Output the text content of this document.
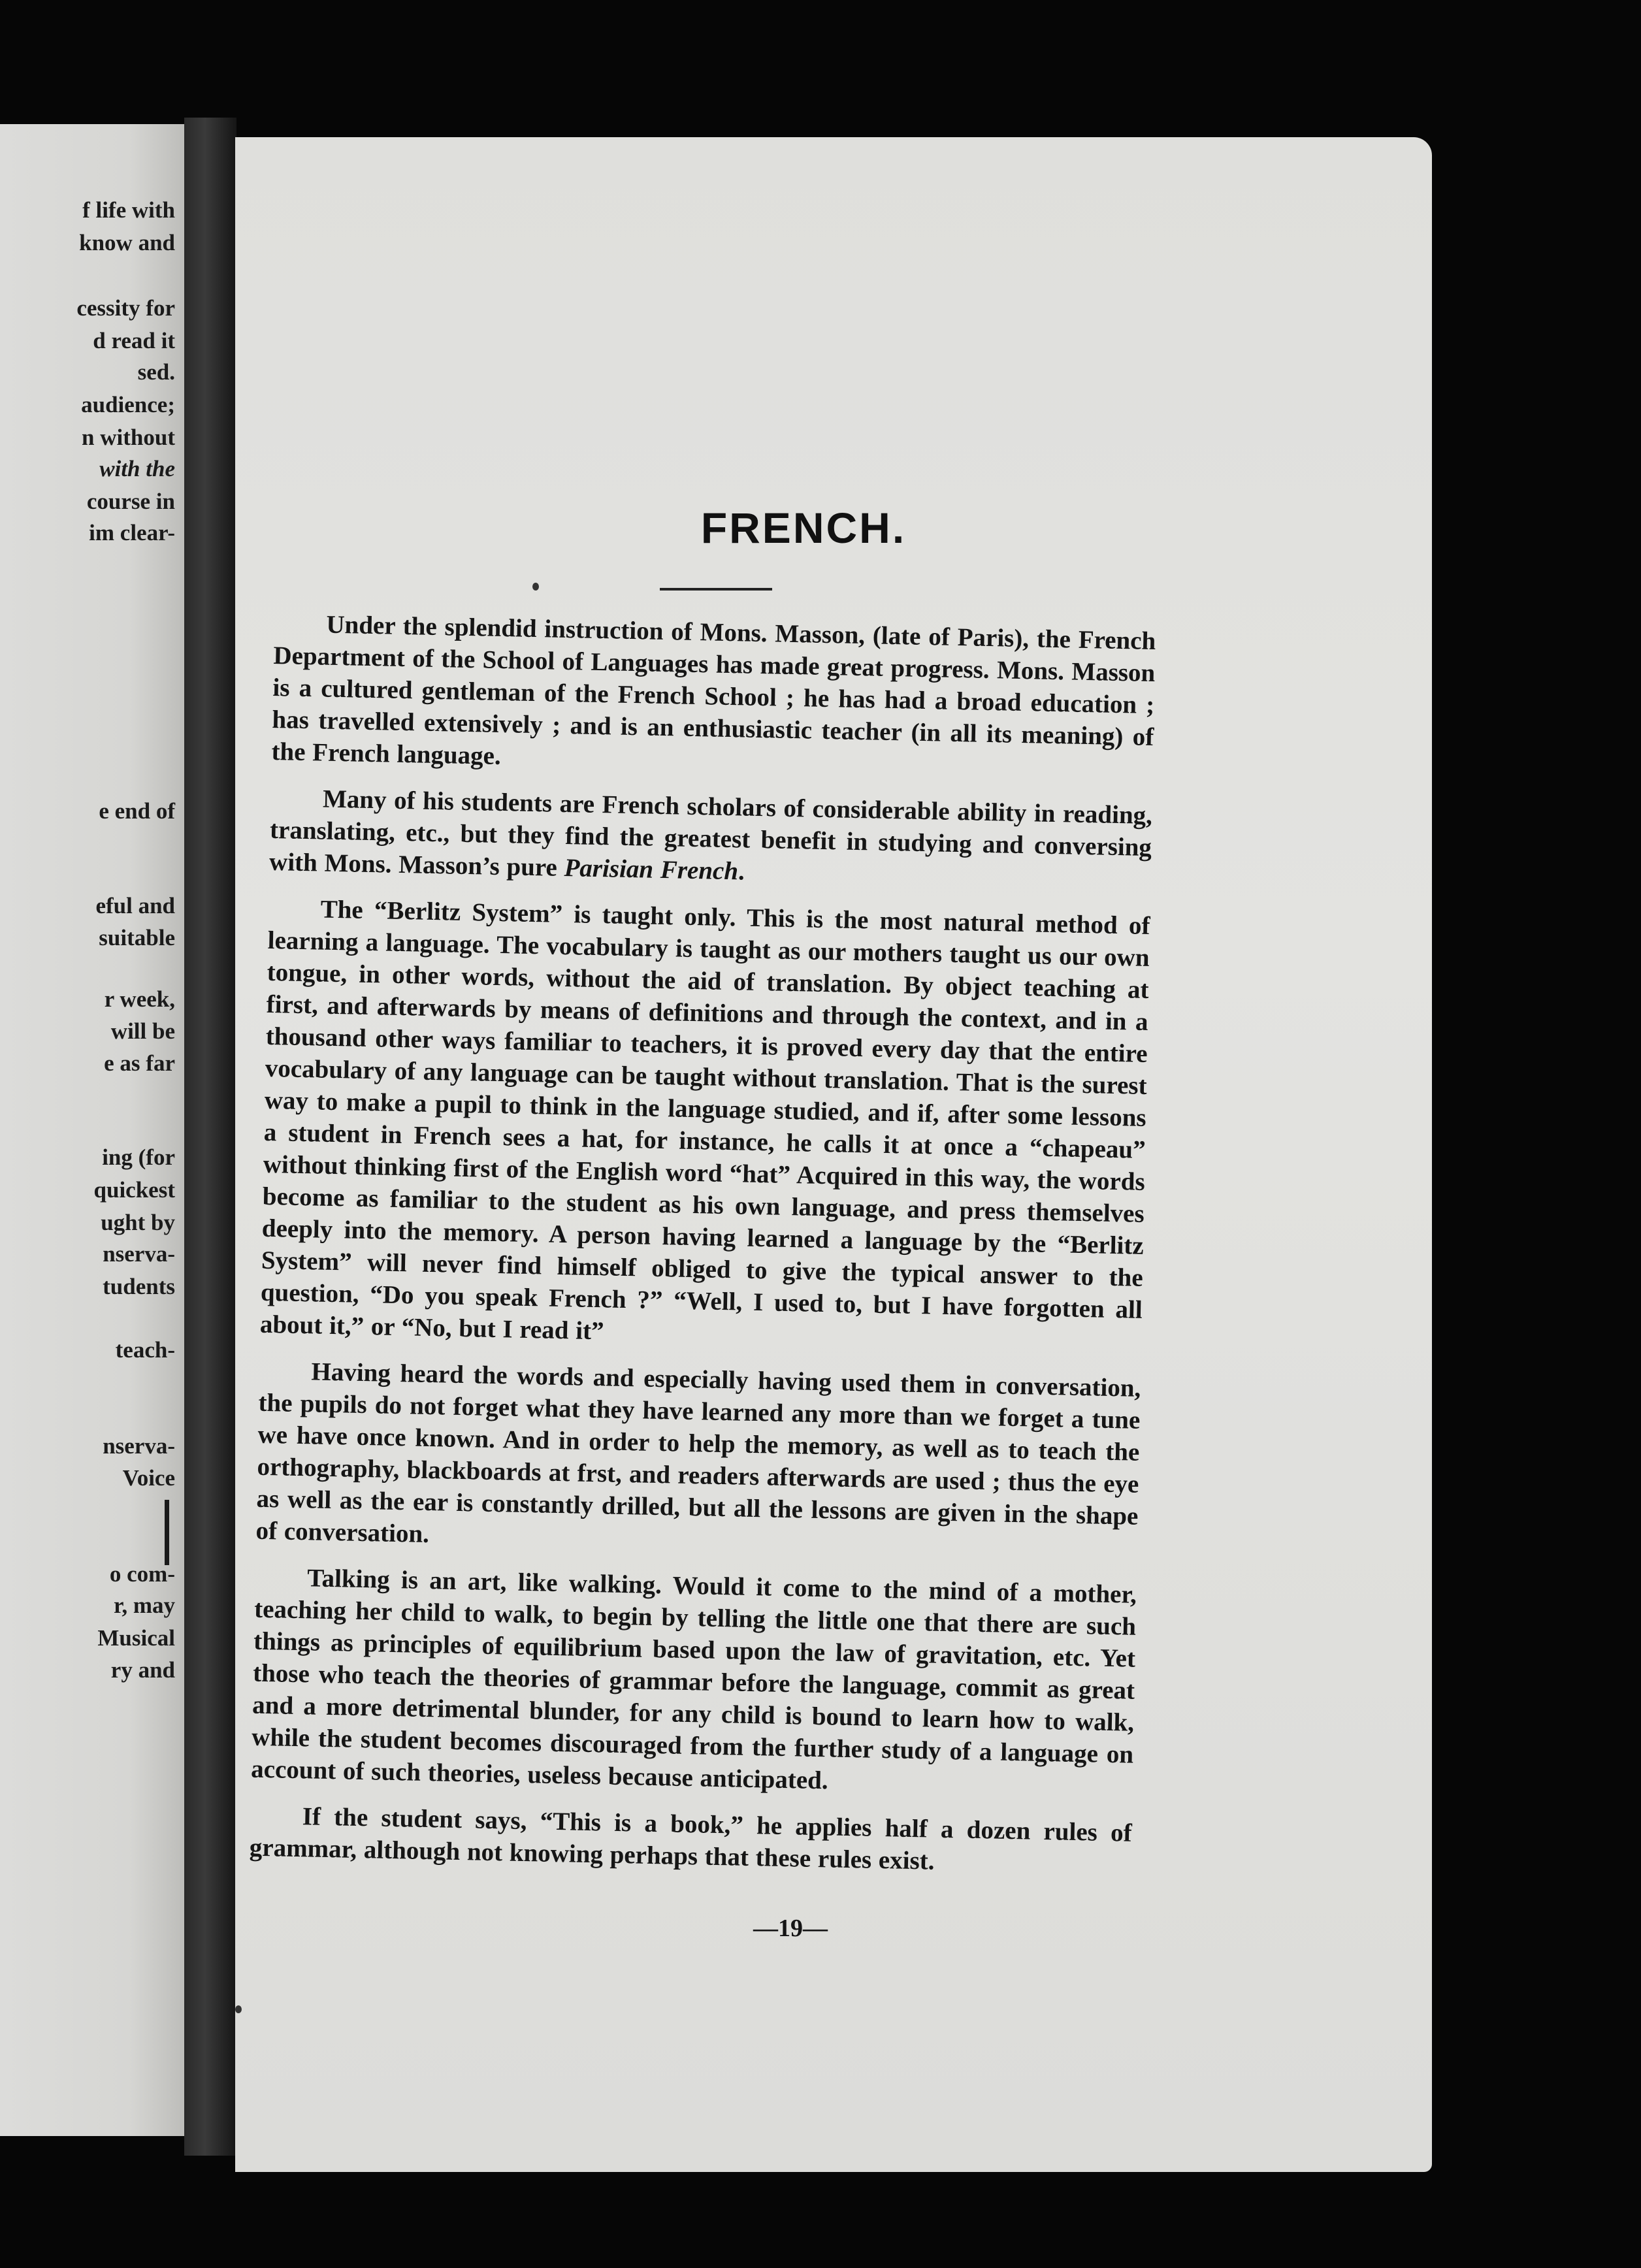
f life with

know and

cessity for

d read it

sed.

audience;

n without

with the

course in

im clear-

e end of

eful and

suitable

r week,

will be

e as far

ing (for

quickest

ught by

nserva-

tudents

teach-

nserva-

Voice

o com-

r, may

Musical

ry and

FRENCH.

Under the splendid instruction of Mons. Masson, (late of Paris), the French Department of the School of Languages has made great progress. Mons. Masson is a cultured gentleman of the French School ; he has had a broad education ; has travelled extensively ; and is an enthusiastic teacher (in all its meaning) of the French language.

Many of his students are French scholars of considerable ability in reading, translating, etc., but they find the greatest benefit in studying and conversing with Mons. Masson’s pure Parisian French.

The “Berlitz System” is taught only. This is the most natural method of learning a language. The vocabulary is taught as our mothers taught us our own tongue, in other words, without the aid of translation. By object teaching at first, and afterwards by means of definitions and through the context, and in a thousand other ways familiar to teachers, it is proved every day that the entire vocabulary of any language can be taught without translation. That is the surest way to make a pupil to think in the language studied, and if, after some lessons a student in French sees a hat, for instance, he calls it at once a “chapeau” without thinking first of the English word “hat” Acquired in this way, the words become as familiar to the student as his own language, and press themselves deeply into the memory. A person having learned a language by the “Berlitz System” will never find himself obliged to give the typical answer to the question, “Do you speak French ?” “Well, I used to, but I have forgotten all about it,” or “No, but I read it”

Having heard the words and especially having used them in conversation, the pupils do not forget what they have learned any more than we forget a tune we have once known. And in order to help the memory, as well as to teach the orthography, blackboards at frst, and readers afterwards are used ; thus the eye as well as the ear is constantly drilled, but all the lessons are given in the shape of conversation.

Talking is an art, like walking. Would it come to the mind of a mother, teaching her child to walk, to begin by telling the little one that there are such things as principles of equilibrium based upon the law of gravitation, etc. Yet those who teach the theories of grammar before the language, commit as great and a more detrimental blunder, for any child is bound to learn how to walk, while the student becomes discouraged from the further study of a language on account of such theories, useless because anticipated.

If the student says, “This is a book,” he applies half a dozen rules of grammar, although not knowing perhaps that these rules exist.

—19—
